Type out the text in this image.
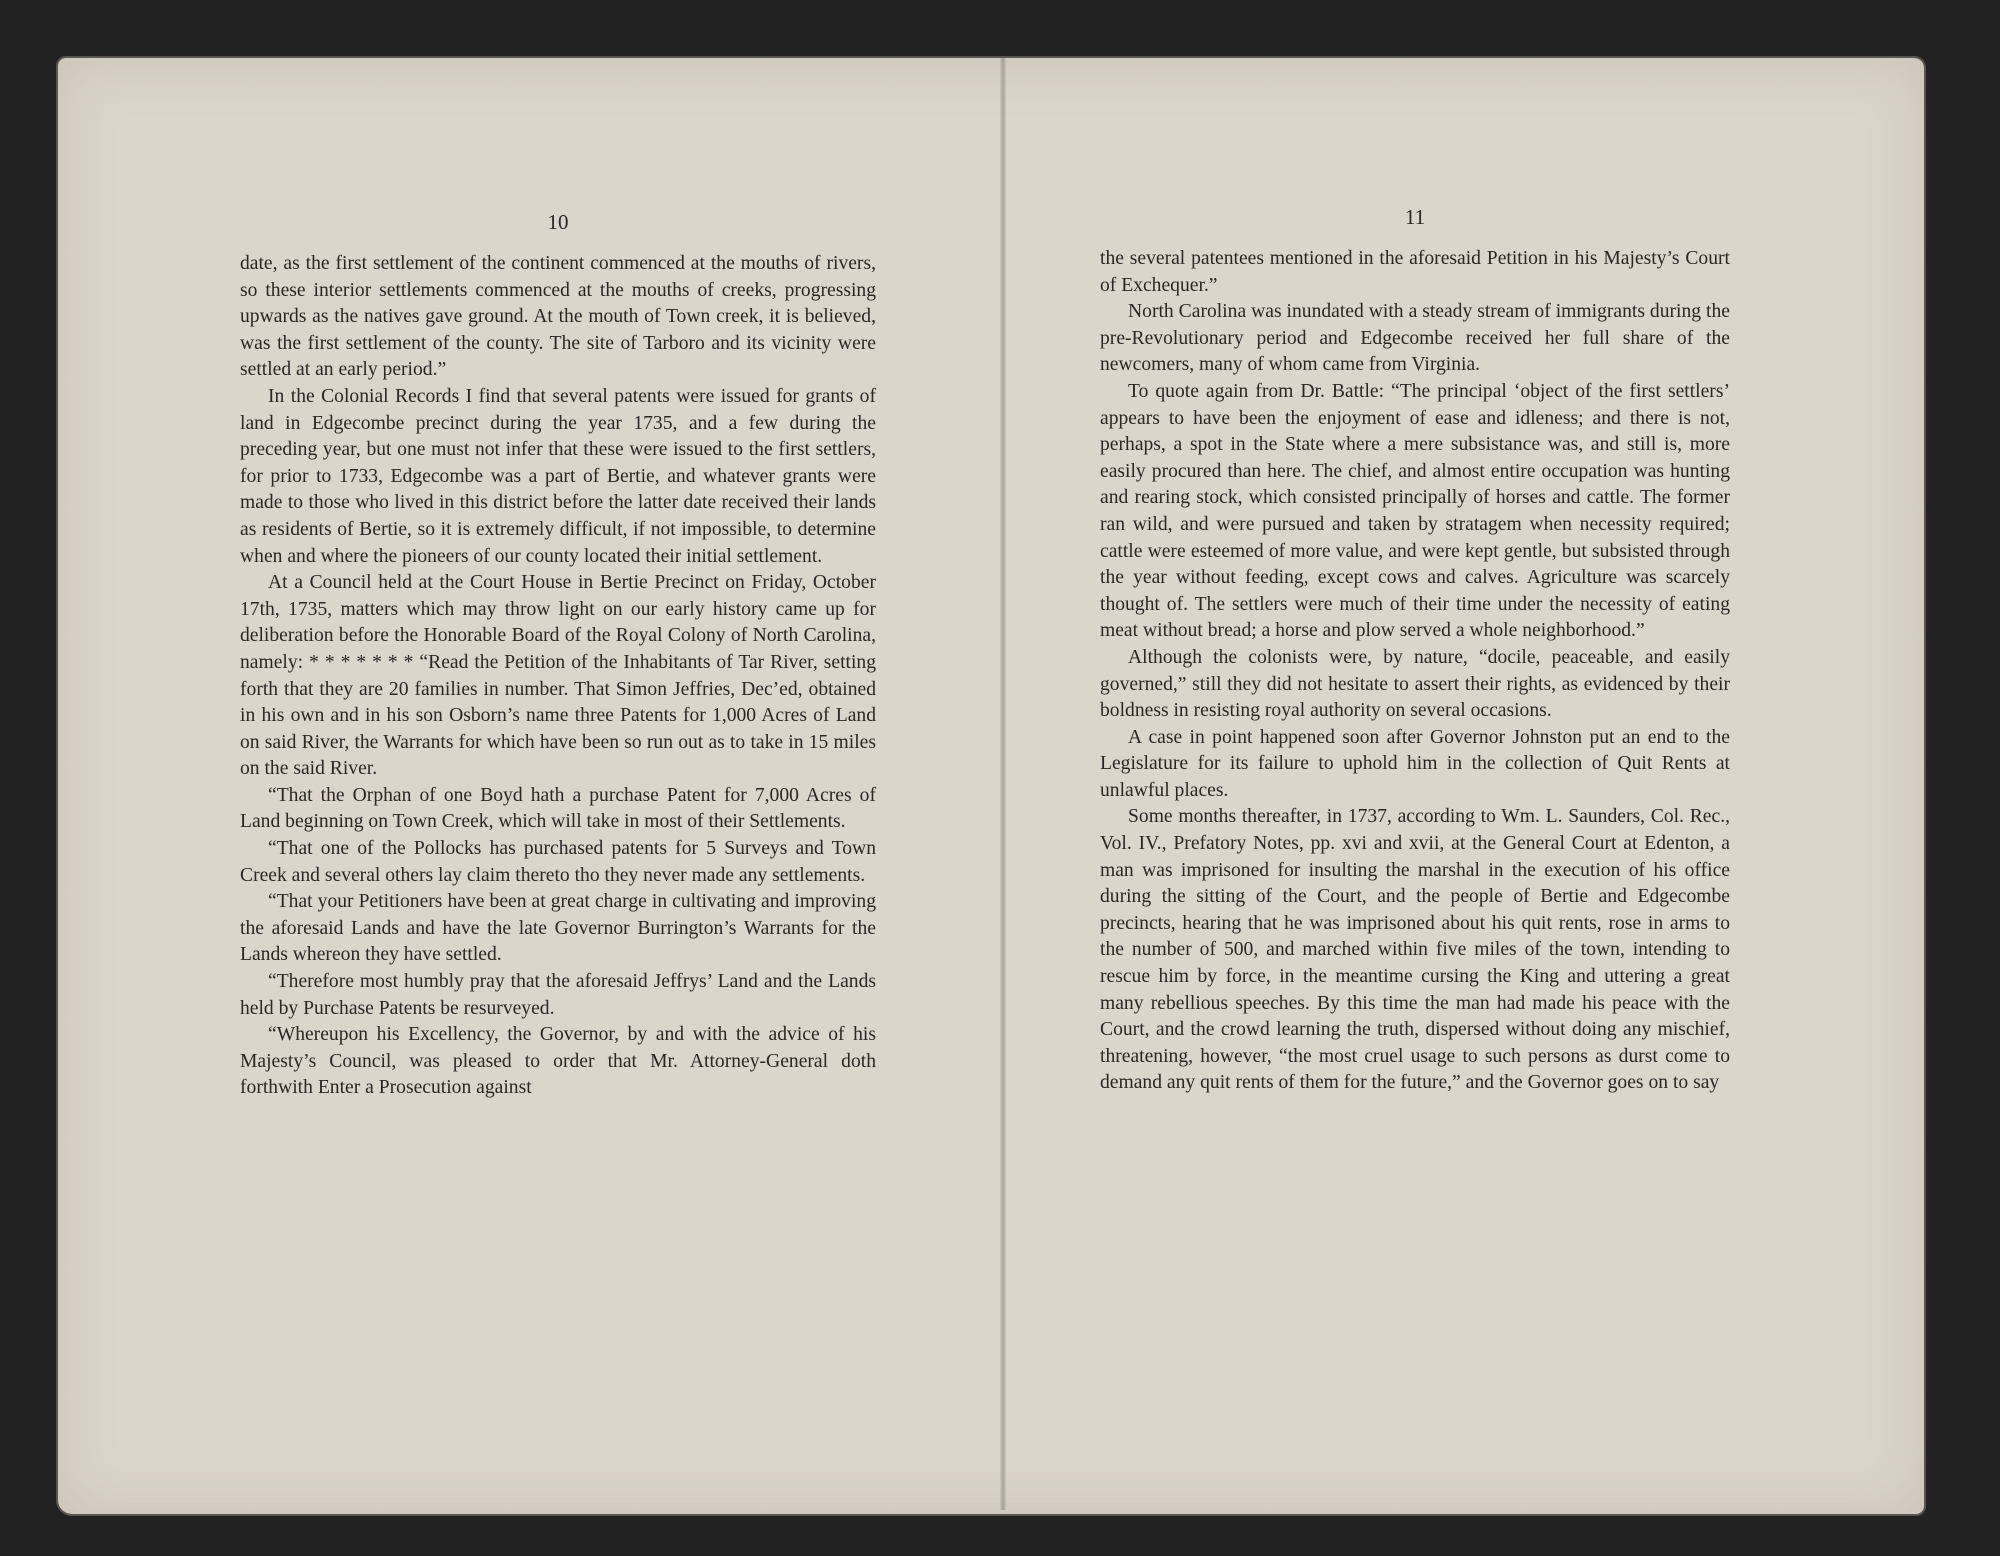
10

date, as the first settlement of the continent commenced at the mouths of rivers, so these interior settlements commenced at the mouths of creeks, progressing upwards as the natives gave ground. At the mouth of Town creek, it is believed, was the first settlement of the county. The site of Tarboro and its vicinity were settled at an early period.”

In the Colonial Records I find that several patents were issued for grants of land in Edgecombe precinct during the year 1735, and a few during the preceding year, but one must not infer that these were issued to the first settlers, for prior to 1733, Edgecombe was a part of Bertie, and whatever grants were made to those who lived in this district before the latter date received their lands as residents of Bertie, so it is extremely difficult, if not impossible, to determine when and where the pioneers of our county located their initial settlement.

At a Council held at the Court House in Bertie Precinct on Friday, October 17th, 1735, matters which may throw light on our early history came up for deliberation before the Honorable Board of the Royal Colony of North Carolina, namely: * * * * * * * “Read the Petition of the Inhabitants of Tar River, setting forth that they are 20 families in number. That Simon Jeffries, Dec’ed, obtained in his own and in his son Osborn’s name three Patents for 1,000 Acres of Land on said River, the Warrants for which have been so run out as to take in 15 miles on the said River.

“That the Orphan of one Boyd hath a purchase Patent for 7,000 Acres of Land beginning on Town Creek, which will take in most of their Settlements.

“That one of the Pollocks has purchased patents for 5 Surveys and Town Creek and several others lay claim thereto tho they never made any settlements.

“That your Petitioners have been at great charge in cultivating and improving the aforesaid Lands and have the late Governor Burrington’s Warrants for the Lands whereon they have settled.

“Therefore most humbly pray that the aforesaid Jeffrys’ Land and the Lands held by Purchase Patents be resurveyed.

“Whereupon his Excellency, the Governor, by and with the advice of his Majesty’s Council, was pleased to order that Mr. Attorney-General doth forthwith Enter a Prosecution against

11

the several patentees mentioned in the aforesaid Petition in his Majesty’s Court of Exchequer.”

North Carolina was inundated with a steady stream of immigrants during the pre-Revolutionary period and Edgecombe received her full share of the newcomers, many of whom came from Virginia.

To quote again from Dr. Battle: “The principal ‘object of the first settlers’ appears to have been the enjoyment of ease and idleness; and there is not, perhaps, a spot in the State where a mere subsistance was, and still is, more easily procured than here. The chief, and almost entire occupation was hunting and rearing stock, which consisted principally of horses and cattle. The former ran wild, and were pursued and taken by stratagem when necessity required; cattle were esteemed of more value, and were kept gentle, but subsisted through the year without feeding, except cows and calves. Agriculture was scarcely thought of. The settlers were much of their time under the necessity of eating meat without bread; a horse and plow served a whole neighborhood.”

Although the colonists were, by nature, “docile, peaceable, and easily governed,” still they did not hesitate to assert their rights, as evidenced by their boldness in resisting royal authority on several occasions.

A case in point happened soon after Governor Johnston put an end to the Legislature for its failure to uphold him in the collection of Quit Rents at unlawful places.

Some months thereafter, in 1737, according to Wm. L. Saunders, Col. Rec., Vol. IV., Prefatory Notes, pp. xvi and xvii, at the General Court at Edenton, a man was imprisoned for insulting the marshal in the execution of his office during the sitting of the Court, and the people of Bertie and Edgecombe precincts, hearing that he was imprisoned about his quit rents, rose in arms to the number of 500, and marched within five miles of the town, intending to rescue him by force, in the meantime cursing the King and uttering a great many rebellious speeches. By this time the man had made his peace with the Court, and the crowd learning the truth, dispersed without doing any mischief, threatening, however, “the most cruel usage to such persons as durst come to demand any quit rents of them for the future,” and the Governor goes on to say
